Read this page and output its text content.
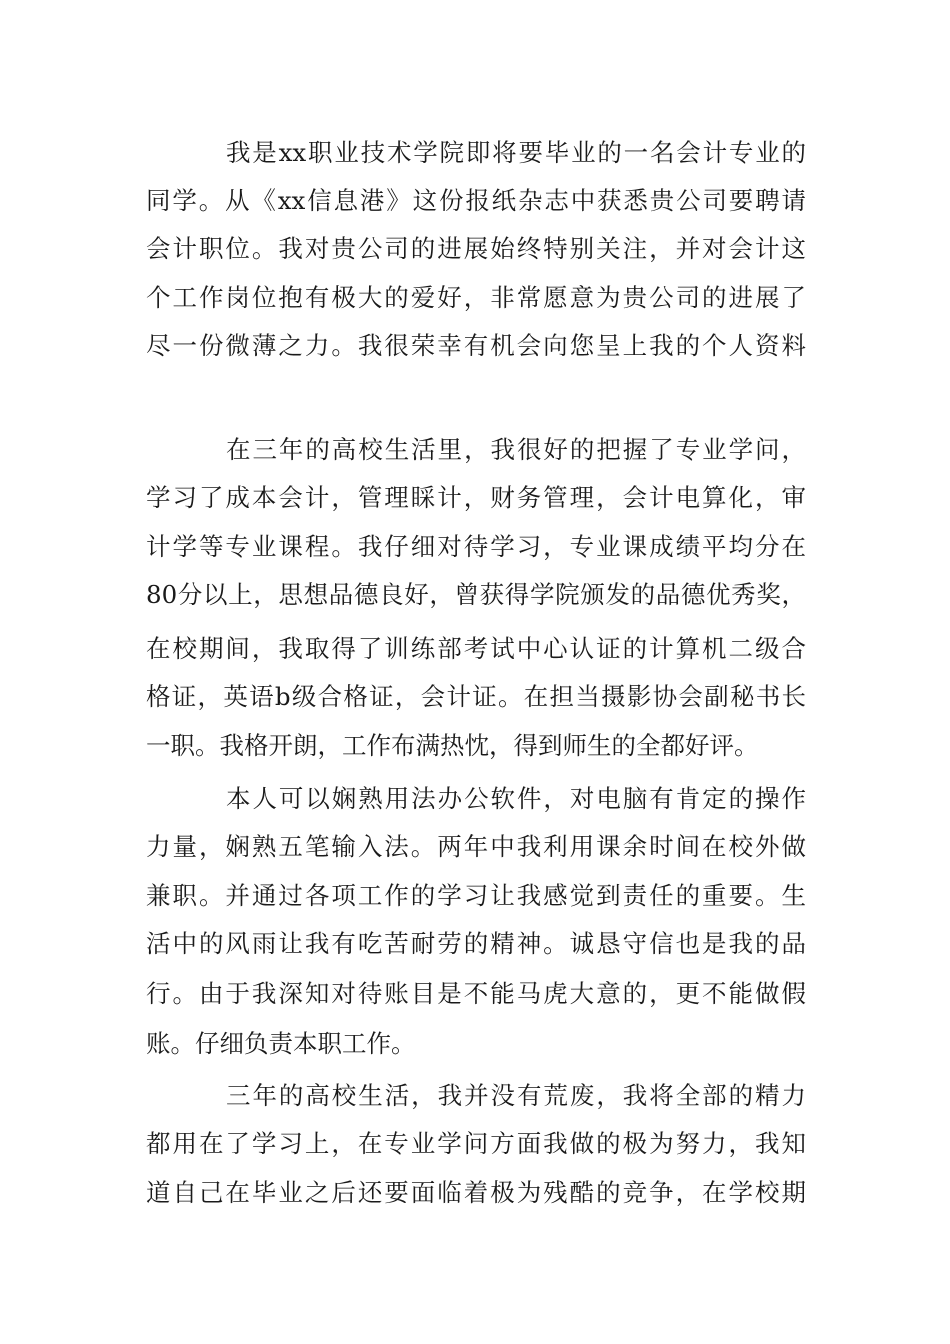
我是xx职业技术学院即将要毕业的一名会计专业的
同学。从《xx信息港》这份报纸杂志中获悉贵公司要聘请
会计职位。我对贵公司的进展始终特别关注，并对会计这
个工作岗位抱有极大的爱好，非常愿意为贵公司的进展了
尽一份微薄之力。我很荣幸有机会向您呈上我的个人资料
在三年的高校生活里，我很好的把握了专业学问，
学习了成本会计，管理睬计，财务管理，会计电算化，审
计学等专业课程。我仔细对待学习，专业课成绩平均分在
80分以上，思想品德良好，曾获得学院颁发的品德优秀奖，
在校期间，我取得了训练部考试中心认证的计算机二级合
格证，英语b级合格证，会计证。在担当摄影协会副秘书长
一职。我格开朗，工作布满热忱，得到师生的全都好评。
本人可以娴熟用法办公软件，对电脑有肯定的操作
力量，娴熟五笔输入法。两年中我利用课余时间在校外做
兼职。并通过各项工作的学习让我感觉到责任的重要。生
活中的风雨让我有吃苦耐劳的精神。诚恳守信也是我的品
行。由于我深知对待账目是不能马虎大意的，更不能做假
账。仔细负责本职工作。
三年的高校生活，我并没有荒废，我将全部的精力
都用在了学习上，在专业学问方面我做的极为努力，我知
道自己在毕业之后还要面临着极为残酷的竞争，在学校期
